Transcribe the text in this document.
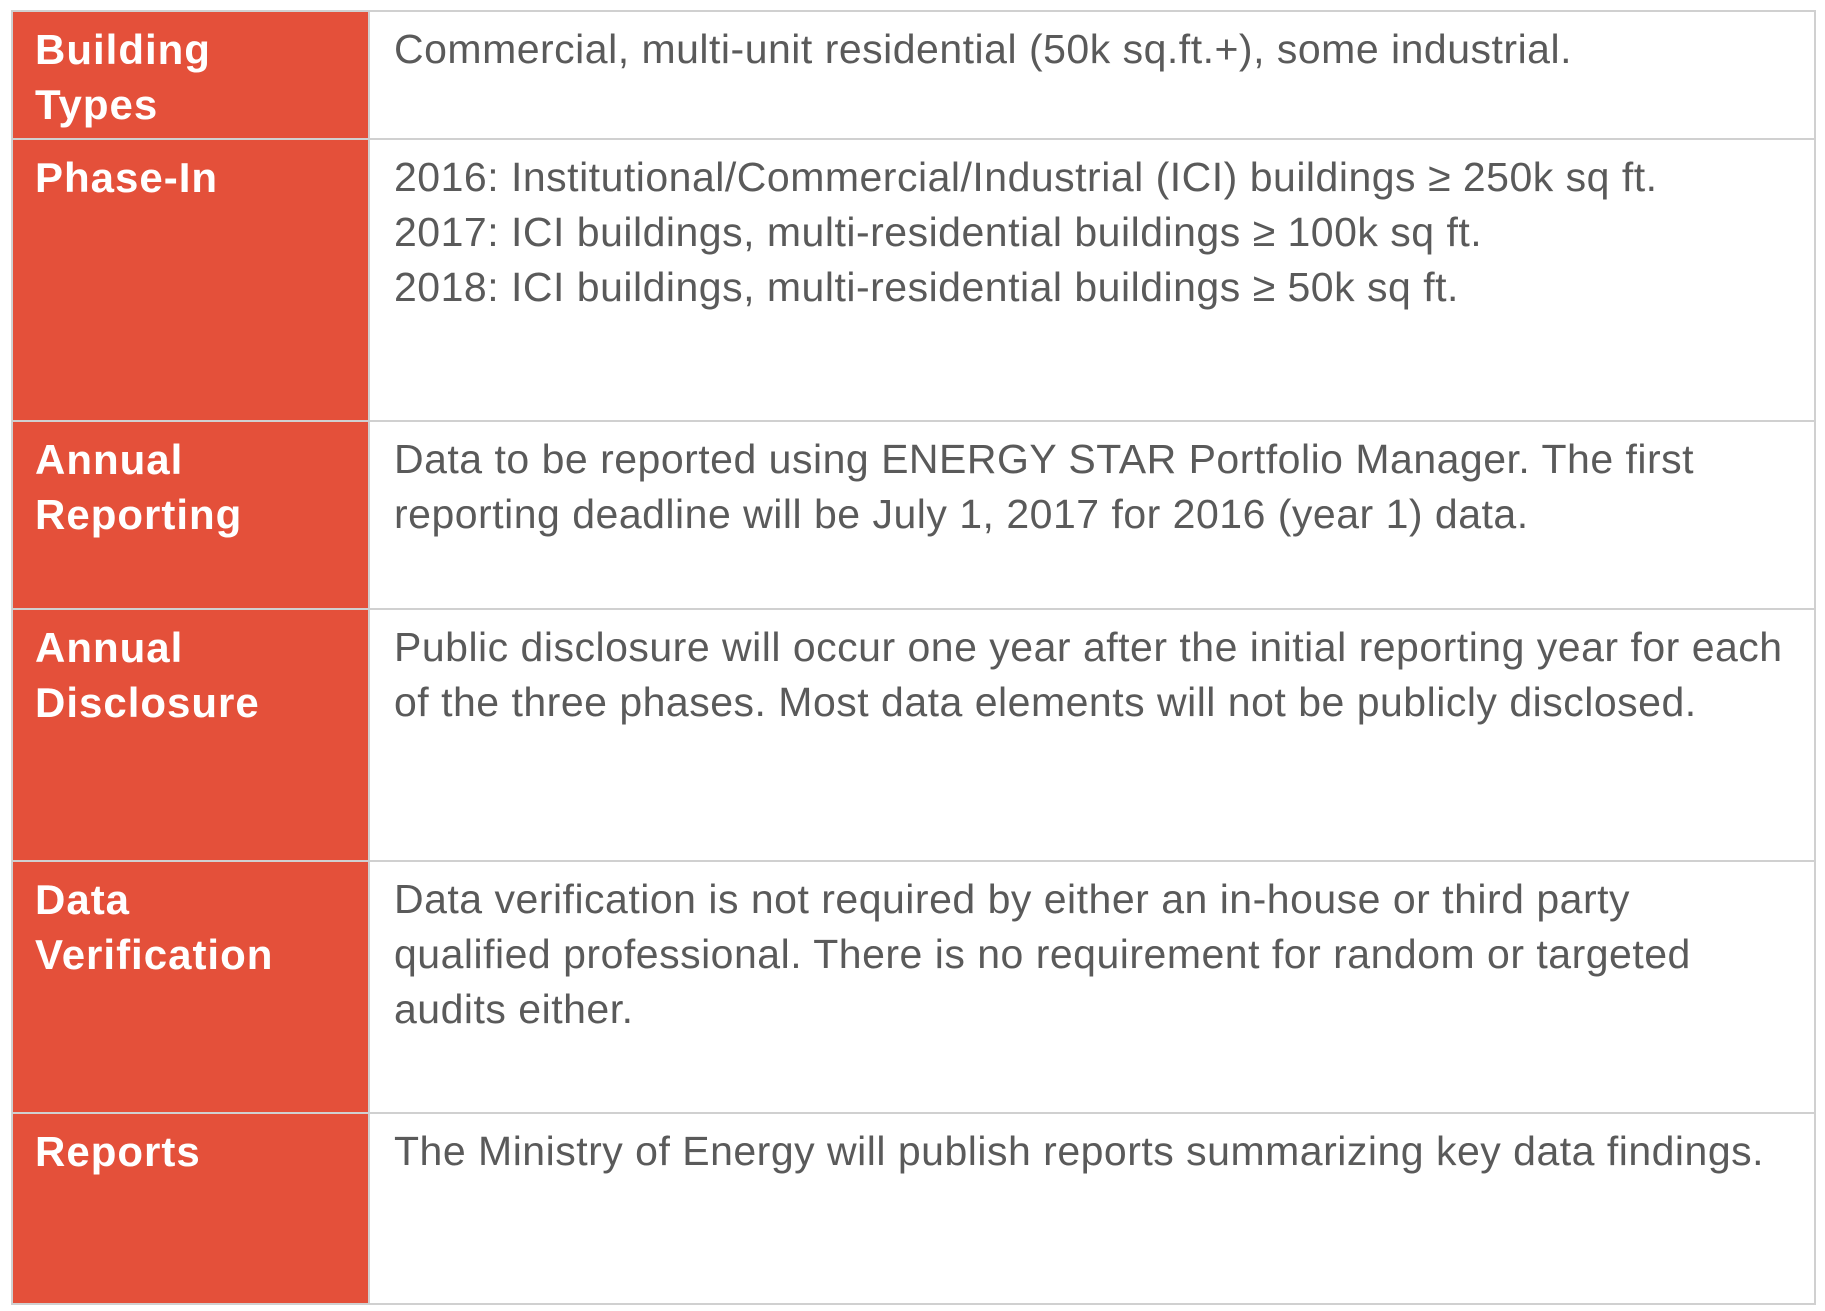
Building
Types	Commercial, multi-unit residential (50k sq.ft.+), some industrial.

Phase-In	2016: Institutional/Commercial/Industrial (ICI) buildings ≥ 250k sq ft.
2017: ICI buildings, multi-residential buildings ≥ 100k sq ft.
2018: ICI buildings, multi-residential buildings ≥ 50k sq ft.

Annual
Reporting	Data to be reported using ENERGY STAR Portfolio Manager. The first reporting deadline will be July 1, 2017 for 2016 (year 1) data.

Annual
Disclosure	Public disclosure will occur one year after the initial reporting year for each of the three phases. Most data elements will not be publicly disclosed.

Data
Verification	Data verification is not required by either an in-house or third party qualified professional. There is no requirement for random or targeted audits either.

Reports	The Ministry of Energy will publish reports summarizing key data findings.
